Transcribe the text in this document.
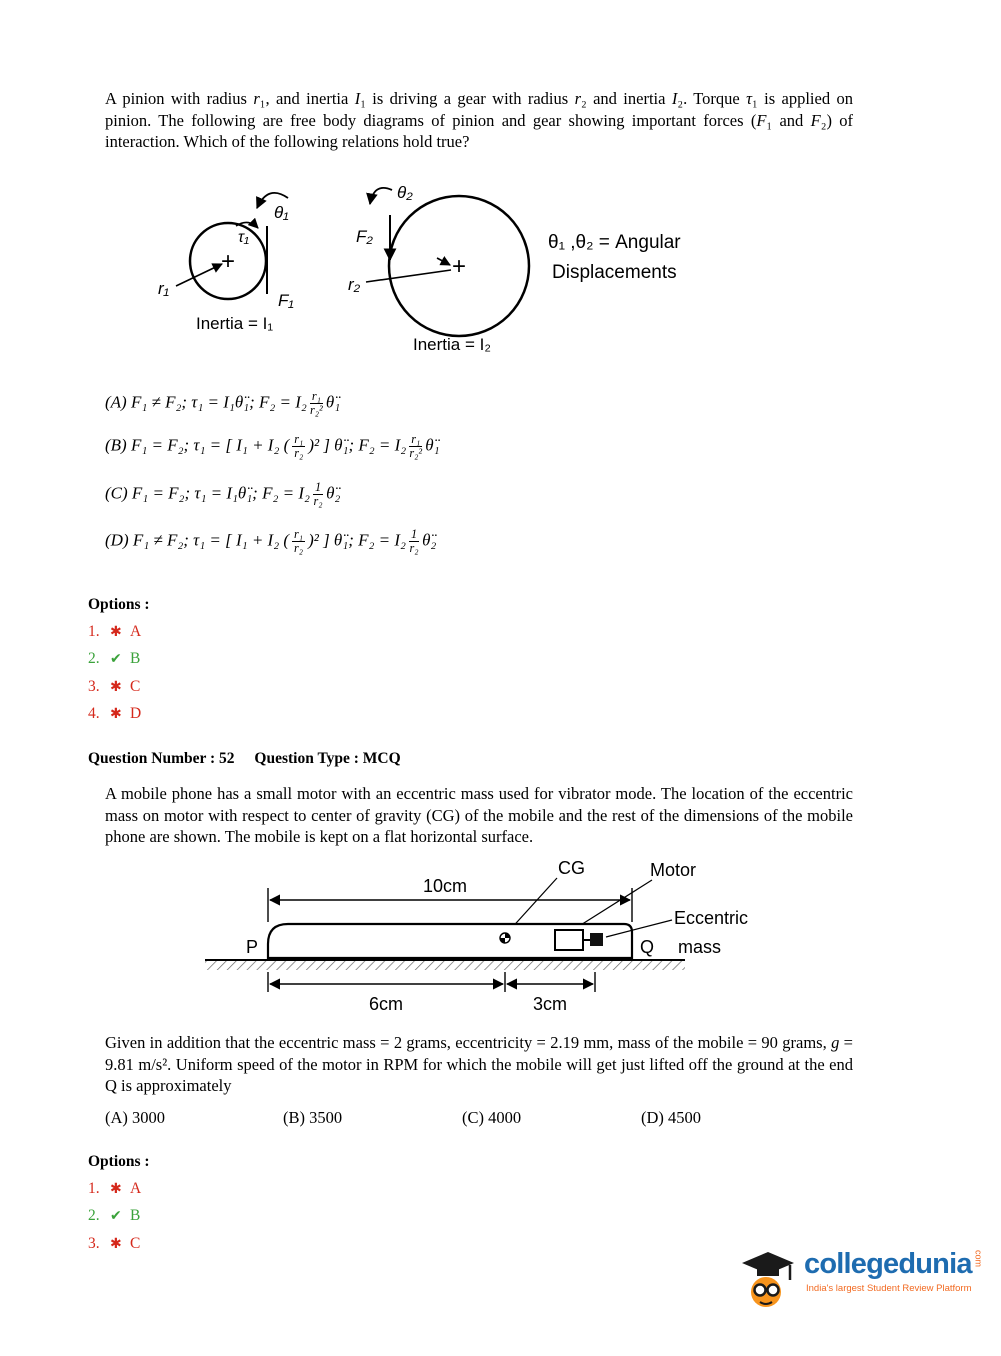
A pinion with radius r₁, and inertia I₁ is driving a gear with radius r₂ and inertia I₂. Torque τ₁ is applied on pinion. The following are free body diagrams of pinion and gear showing important forces (F₁ and F₂) of interaction. Which of the following relations hold true?

+
θ₁
τ₁
r₁
F₁
Inertia = I₁
θ₂
F₂
+
r₂
Inertia = I₂
θ₁ ,θ₂ = Angular
Displacements
(A) F₁ ≠ F₂; τ₁ = I₁θ̈₁; $F_2 = I_2 \frac{\text{r₁}}{\text{r₂²}}$ θ̈₁
(B) F₁ = F₂; τ₁ = [ I₁ + I₂ ( $\frac{\text{r₁}}{\text{r₂}} )^2$ ] θ̈₁; $F_2 = I_2 \frac{\text{r₁}}{\text{r₂²}}$ θ̈₁
(C) F₁ = F₂; τ₁ = I₁θ̈₁; $F_2 = I_2 \frac{1}{\text{r₂}}$ θ̈₂
(D) F₁ ≠ F₂; τ₁ = [ I₁ + I₂ ( $\frac{\text{r₁}}{\text{r₂}} )^2$ ] θ̈₁; $F_2 = I_2 \frac{1}{\text{r₂}}$ θ̈₂
Options :
1. ✱ A
2. ✔ B
3. ✱ C
4. ✱ D
Question Number : 52 Question Type : MCQ

A mobile phone has a small motor with an eccentric mass used for vibrator mode. The location of the eccentric mass on motor with respect to center of gravity (CG) of the mobile and the rest of the dimensions of the mobile phone are shown. The mobile is kept on a flat horizontal surface.

10cm
CG	Motor
Eccentric
mass
P	Q
6cm	3cm

Given in addition that the eccentric mass = 2 grams, eccentricity = 2.19 mm, mass of the mobile = 90 grams, g = 9.81 m/s². Uniform speed of the motor in RPM for which the mobile will get just lifted off the ground at the end Q is approximately

(A) 3000	(B) 3500	(C) 4000	(D) 4500
Options :
1. ✱ A
2. ✔ B
3. ✱ C
collegedunia com
India's largest Student Review Platform
